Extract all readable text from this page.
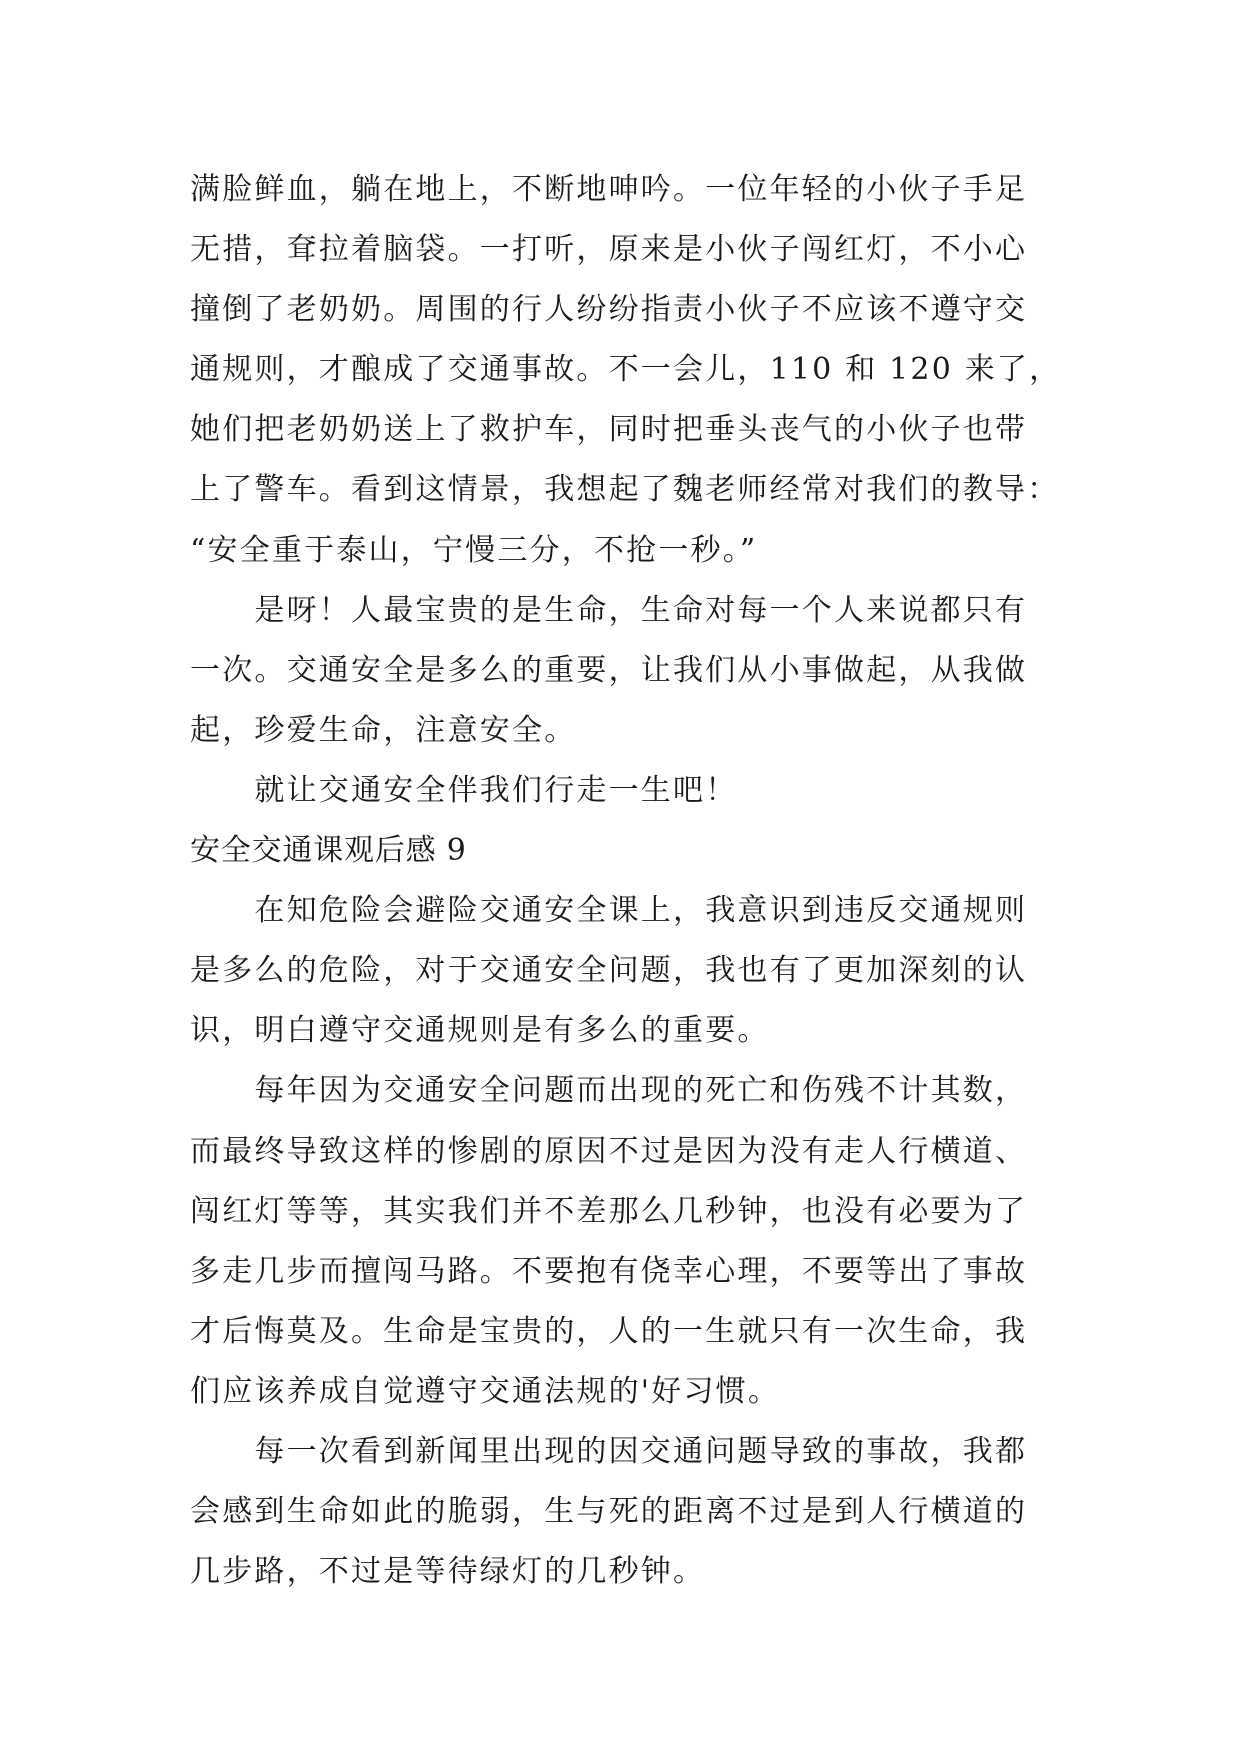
满脸鲜血，躺在地上，不断地呻吟。一位年轻的小伙子手足
无措，耷拉着脑袋。一打听，原来是小伙子闯红灯，不小心
撞倒了老奶奶。周围的行人纷纷指责小伙子不应该不遵守交
通规则，才酿成了交通事故。不一会儿，110 和 120 来了，
她们把老奶奶送上了救护车，同时把垂头丧气的小伙子也带
上了警车。看到这情景，我想起了魏老师经常对我们的教导：
“安全重于泰山，宁慢三分，不抢一秒。”
　　是呀！人最宝贵的是生命，生命对每一个人来说都只有
一次。交通安全是多么的重要，让我们从小事做起，从我做
起，珍爱生命，注意安全。
　　就让交通安全伴我们行走一生吧！
安全交通课观后感 9
　　在知危险会避险交通安全课上，我意识到违反交通规则
是多么的危险，对于交通安全问题，我也有了更加深刻的认
识，明白遵守交通规则是有多么的重要。
　　每年因为交通安全问题而出现的死亡和伤残不计其数，
而最终导致这样的惨剧的原因不过是因为没有走人行横道、
闯红灯等等，其实我们并不差那么几秒钟，也没有必要为了
多走几步而擅闯马路。不要抱有侥幸心理，不要等出了事故
才后悔莫及。生命是宝贵的，人的一生就只有一次生命，我
们应该养成自觉遵守交通法规的'好习惯。
　　每一次看到新闻里出现的因交通问题导致的事故，我都
会感到生命如此的脆弱，生与死的距离不过是到人行横道的
几步路，不过是等待绿灯的几秒钟。
